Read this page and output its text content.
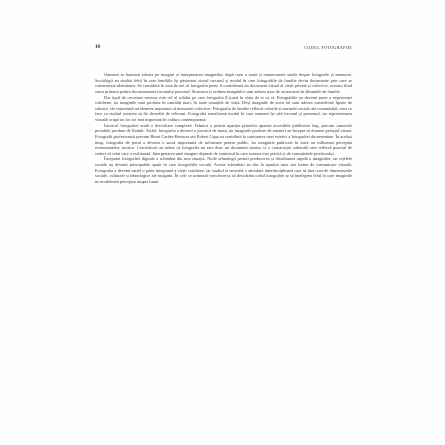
10	CODUL FOTOGRAFIEI

Oamenii se bazează adesea pe imagini și interpretarea imaginilor, după cum o arată și numeroasele studii despre fotografie și memorie. Sociologii au studiat felul în care familiile își păstrează vizual trecutul și modul în care fotografiile de familie devin documente prin care se construiește identitatea. Se consideră în ziua de azi că fotografia poate fi considerată un document vizual al vieții private și colective, aceasta fiind sursa primară pentru documentarea trecutului personal. Structura și ordinea imaginilor sunt adesea ușor de recunoscut în albumele de familie.

Dar tipul de cercetare necesar este cel al rolului pe care fotografia îl joacă în viața de zi cu zi. Fotografiile au devenit parte a experienței cotidiene, iar imaginile sunt produse în cantități mari, în toate situațiile de viață. Deși imaginile de acest fel sunt adesea considerate lipsite de valoare, ele reprezintă un element important al memoriei colective. Fotografia de familie reflectă valorile și normele sociale ale comunității, ceea ce face ca studiul acesteia să fie deosebit de relevant. Fotografia transformă modul în care oamenii își văd trecutul și prezentul, iar reprezentarea vizuală ocupă un loc tot mai important în cultura contemporană.

Istoricul fotografiei arată o dezvoltare complexă. Tehnica a permis apariția primelor aparate accesibile publicului larg, precum camerele portabile produse de Kodak. Astfel, fotografia a devenit o practică de masă, iar imaginile produse de amatori au început să domine peisajul vizual. Fotografii profesioniști precum Henri Cartier-Bresson sau Robert Capa au contribuit la conturarea unei estetici a fotografiei documentare. În același timp, fotografia de presă a devenit o sursă importantă de informare pentru public, iar imaginile publicate în ziare au influențat percepția evenimentelor istorice. Cercetătorii au arătat că fotografia nu este doar un document neutru, ci o construcție culturală care reflectă punctul de vedere al celui care o realizează. Interpretarea unei imagini depinde de contextul în care aceasta este privită și de cunoștințele privitorului.

Începutul fotografiei digitale a schimbat din nou situația. Noile tehnologii permit producerea și distribuirea rapidă a imaginilor, iar rețelele sociale au devenit principalele spații în care fotografiile circulă. Aceste schimbări au dus la apariția unor noi forme de comunicare vizuală. Fotografia a devenit astfel o parte integrantă a vieții cotidiene, iar studiul ei necesită o abordare interdisciplinară care să țină cont de dimensiunile sociale, culturale și tehnologice ale imaginii. În cele ce urmează vom încerca să descifrăm codul fotografiei și să înțelegem felul în care imaginile ne modelează percepția asupra lumii.
